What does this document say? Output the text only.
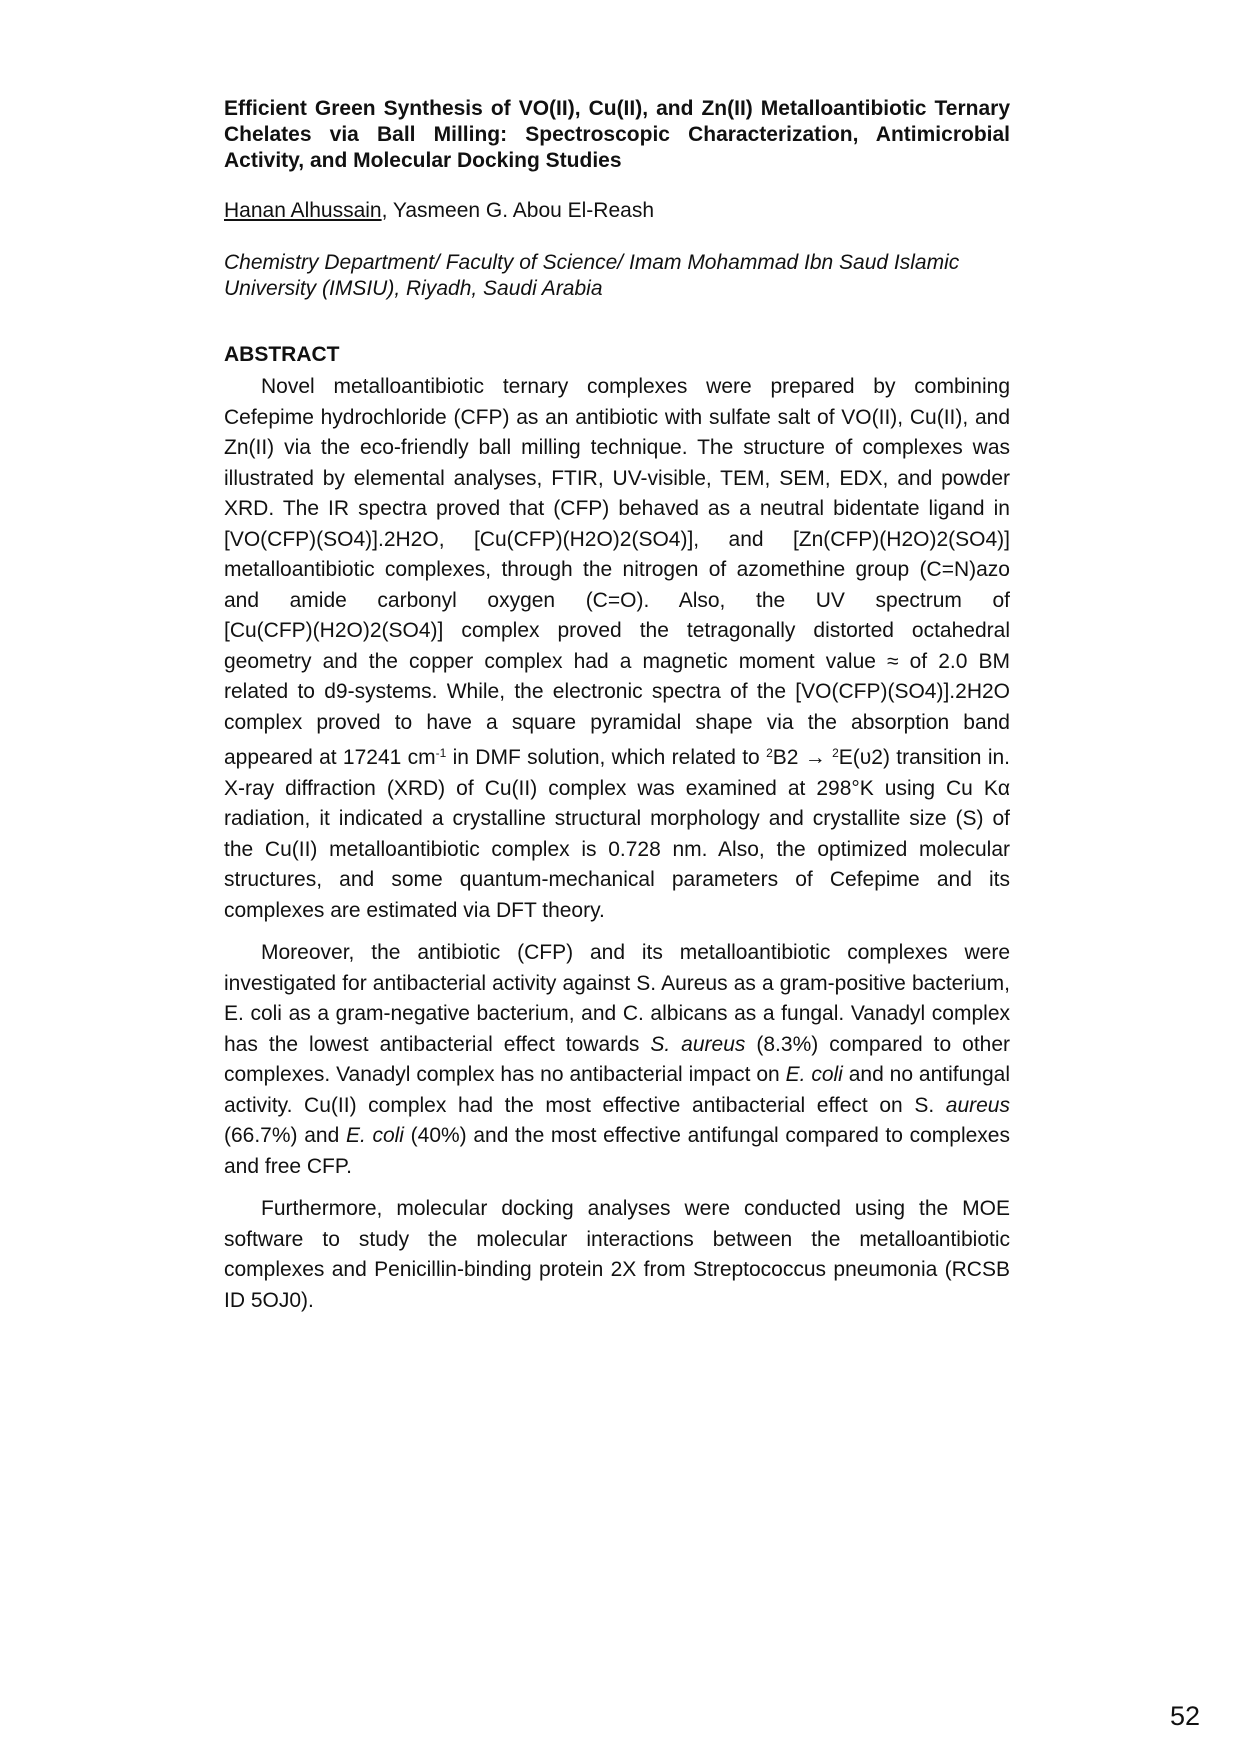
Efficient Green Synthesis of VO(II), Cu(II), and Zn(II) Metalloantibiotic Ternary Chelates via Ball Milling: Spectroscopic Characterization, Antimicrobial Activity, and Molecular Docking Studies

Hanan Alhussain, Yasmeen G. Abou El-Reash

Chemistry Department/ Faculty of Science/ Imam Mohammad Ibn Saud Islamic University (IMSIU), Riyadh, Saudi Arabia

ABSTRACT

Novel metalloantibiotic ternary complexes were prepared by combining Cefepime hydrochloride (CFP) as an antibiotic with sulfate salt of VO(II), Cu(II), and Zn(II) via the eco-friendly ball milling technique. The structure of complexes was illustrated by elemental analyses, FTIR, UV-visible, TEM, SEM, EDX, and powder XRD. The IR spectra proved that (CFP) behaved as a neutral bidentate ligand in [VO(CFP)(SO4)].2H2O, [Cu(CFP)(H2O)2(SO4)], and [Zn(CFP)(H2O)2(SO4)] metalloantibiotic complexes, through the nitrogen of azomethine group (C=N)azo and amide carbonyl oxygen (C=O). Also, the UV spectrum of [Cu(CFP)(H2O)2(SO4)] complex proved the tetragonally distorted octahedral geometry and the copper complex had a magnetic moment value ≈ of 2.0 BM related to d9-systems. While, the electronic spectra of the [VO(CFP)(SO4)].2H2O complex proved to have a square pyramidal shape via the absorption band appeared at 17241 $cm^{-1}$ in DMF solution, which related to $^2$B2 → $^2$E(υ2) transition in. X-ray diffraction (XRD) of Cu(II) complex was examined at 298°K using Cu Kα radiation, it indicated a crystalline structural morphology and crystallite size (S) of the Cu(II) metalloantibiotic complex is 0.728 nm. Also, the optimized molecular structures, and some quantum-mechanical parameters of Cefepime and its complexes are estimated via DFT theory.

Moreover, the antibiotic (CFP) and its metalloantibiotic complexes were investigated for antibacterial activity against S. Aureus as a gram-positive bacterium, E. coli as a gram-negative bacterium, and C. albicans as a fungal. Vanadyl complex has the lowest antibacterial effect towards S. aureus (8.3%) compared to other complexes. Vanadyl complex has no antibacterial impact on E. coli and no antifungal activity. Cu(II) complex had the most effective antibacterial effect on S. aureus (66.7%) and E. coli (40%) and the most effective antifungal compared to complexes and free CFP.

Furthermore, molecular docking analyses were conducted using the MOE software to study the molecular interactions between the metalloantibiotic complexes and Penicillin-binding protein 2X from Streptococcus pneumonia (RCSB ID 5OJ0).

52
